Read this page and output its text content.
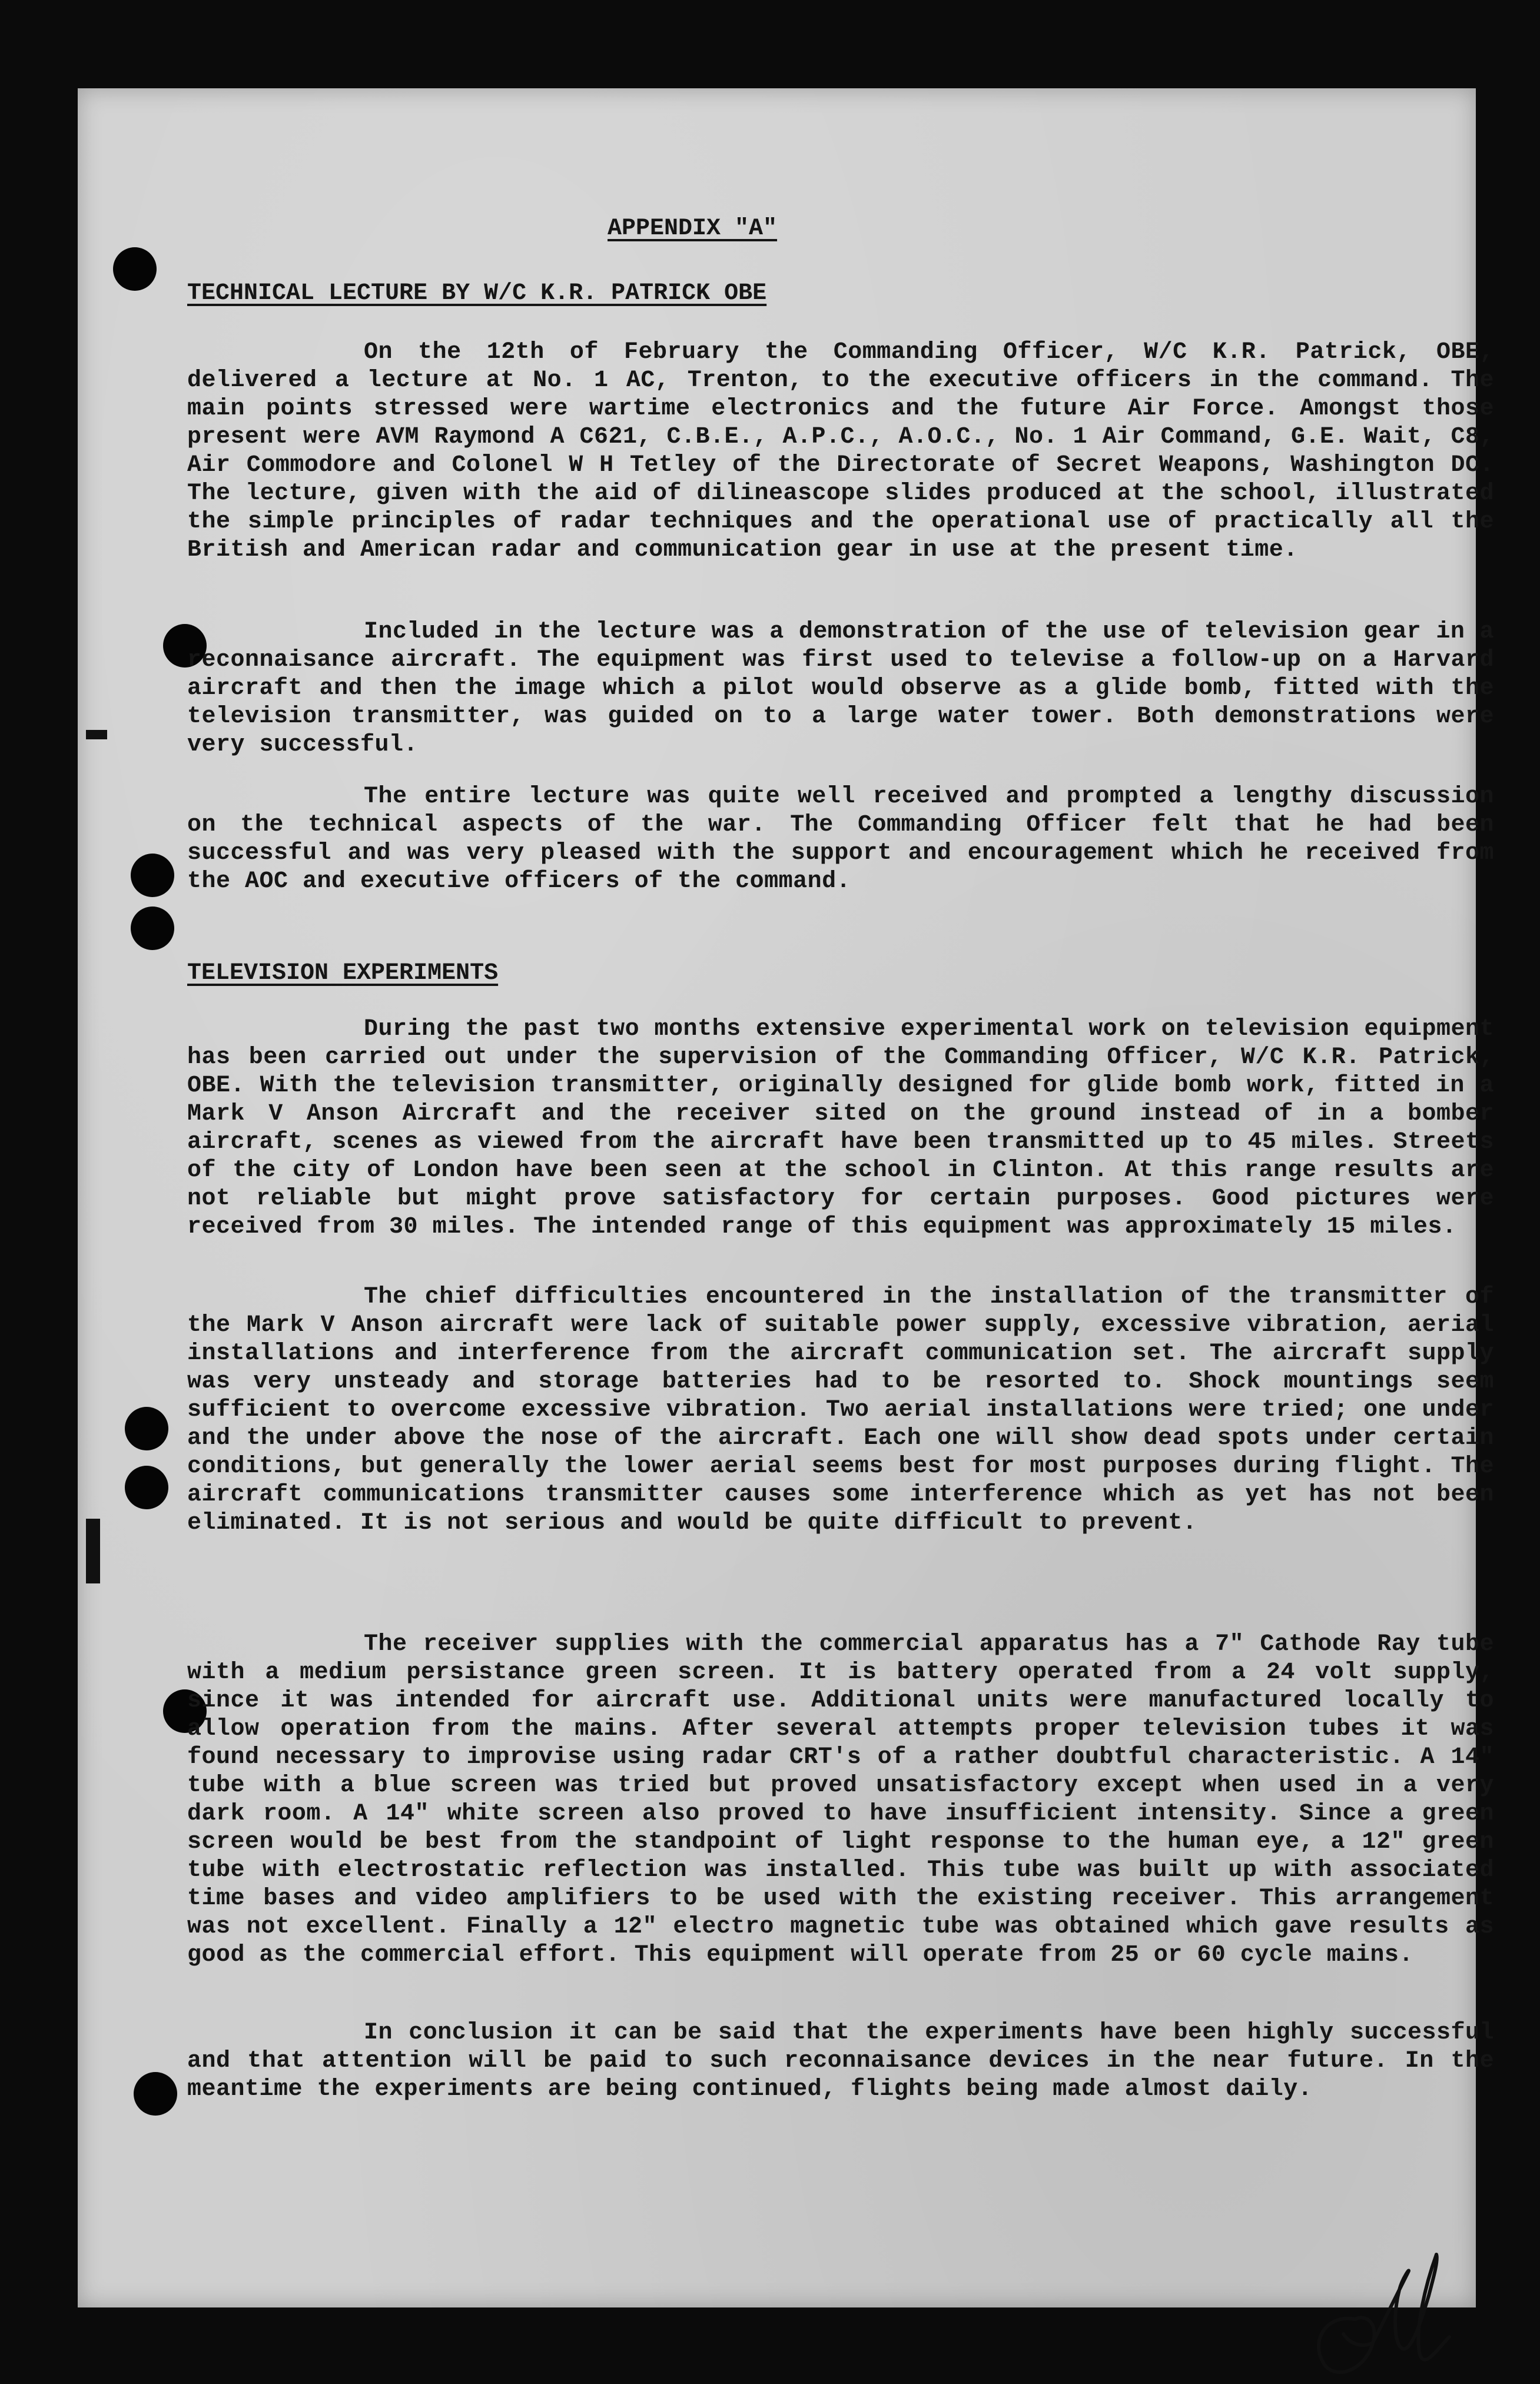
APPENDIX "A"
TECHNICAL LECTURE BY W/C K.R. PATRICK OBE
On the 12th of February the Commanding Officer, W/C K.R. Patrick, OBE, delivered a lecture at No. 1 AC, Trenton, to the executive officers in the command. The main points stressed were wartime electronics and the future Air Force. Amongst those present were AVM Raymond A C621, C.B.E., A.P.C., A.O.C., No. 1 Air Command, G.E. Wait, C8, Air Commodore and Colonel W H Tetley of the Directorate of Secret Weapons, Washington DC. The lecture, given with the aid of dilineascope slides produced at the school, illustrated the simple principles of radar techniques and the operational use of practically all the British and American radar and communication gear in use at the present time.
Included in the lecture was a demonstration of the use of television gear in a reconnaisance aircraft. The equipment was first used to televise a follow-up on a Harvard aircraft and then the image which a pilot would observe as a glide bomb, fitted with the television transmitter, was guided on to a large water tower. Both demonstrations were very successful.
The entire lecture was quite well received and prompted a lengthy discussion on the technical aspects of the war. The Commanding Officer felt that he had been successful and was very pleased with the support and encouragement which he received from the AOC and executive officers of the command.
TELEVISION EXPERIMENTS
During the past two months extensive experimental work on television equipment has been carried out under the supervision of the Commanding Officer, W/C K.R. Patrick, OBE. With the television transmitter, originally designed for glide bomb work, fitted in a Mark V Anson Aircraft and the receiver sited on the ground instead of in a bomber aircraft, scenes as viewed from the aircraft have been transmitted up to 45 miles. Streets of the city of London have been seen at the school in Clinton. At this range results are not reliable but might prove satisfactory for certain purposes. Good pictures were received from 30 miles. The intended range of this equipment was approximately 15 miles.
The chief difficulties encountered in the installation of the transmitter of the Mark V Anson aircraft were lack of suitable power supply, excessive vibration, aerial installations and interference from the aircraft communication set. The aircraft supply was very unsteady and storage batteries had to be resorted to. Shock mountings seem sufficient to overcome excessive vibration. Two aerial installations were tried; one under and the under above the nose of the aircraft. Each one will show dead spots under certain conditions, but generally the lower aerial seems best for most purposes during flight. The aircraft communications transmitter causes some interference which as yet has not been eliminated. It is not serious and would be quite difficult to prevent.
The receiver supplies with the commercial apparatus has a 7" Cathode Ray tube with a medium persistance green screen. It is battery operated from a 24 volt supply, since it was intended for aircraft use. Additional units were manufactured locally to allow operation from the mains. After several attempts proper television tubes it was found necessary to improvise using radar CRT's of a rather doubtful characteristic. A 14" tube with a blue screen was tried but proved unsatisfactory except when used in a very dark room. A 14" white screen also proved to have insufficient intensity. Since a green screen would be best from the standpoint of light response to the human eye, a 12" green tube with electrostatic reflection was installed. This tube was built up with associated time bases and video amplifiers to be used with the existing receiver. This arrangement was not excellent. Finally a 12" electro magnetic tube was obtained which gave results as good as the commercial effort. This equipment will operate from 25 or 60 cycle mains.
In conclusion it can be said that the experiments have been highly successful and that attention will be paid to such reconnaisance devices in the near future. In the meantime the experiments are being continued, flights being made almost daily.
